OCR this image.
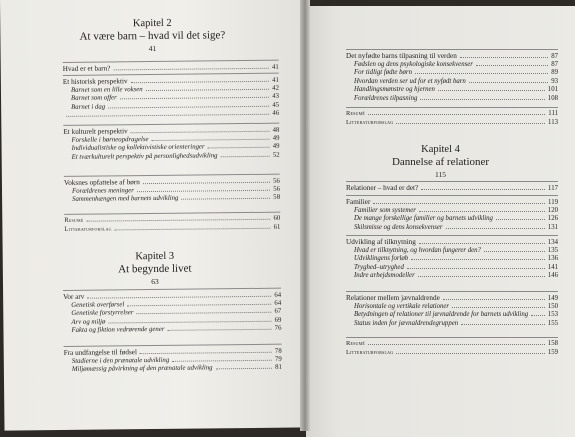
Kapitel 2
At være barn – hvad vil det sige?
41
Hvad er et barn?	41
Et historisk perspektiv	41
Barnet som en lille voksen	42
Barnet som offer	43
Barnet i dag	45
46
Et kulturelt perspektiv	48
Forskelle i børneopdragelse	49
Individualistiske og kollektivistiske orienteringer	49
Et tværkulturelt perspektiv på personlighedsudvikling	52
Voksnes opfattelse af børn	56
Forældrenes meninger	56
Sammenhængen med barnets udvikling	58
Resumé	60
Litteraturforslag	61
Kapitel 3
At begynde livet
63
Vor arv	64
Genetisk overførsel	64
Genetiske forstyrrelser	67
Arv og miljø	69
Fakta og fiktion vedrørende gener	76
Fra undfangelse til fødsel	78
Stadierne i den prænatale udvikling	79
Miljømæssig påvirkning af den prænatale udvikling	81
Det nyfødte barns tilpasning til verden	87
Fødslen og dens psykologiske konsekvenser	87
For tidligt fødte børn	89
Hvordan verden ser ud for et nyfødt barn	93
Handlingsmønstre og hjernen	101
Forældrenes tilpasning	108
Resumé	111
Litteraturforslag	113
Kapitel 4
Dannelse af relationer
115
Relationer – hvad er det?	117
Familier	119
Familier som systemer	120
De mange forskellige familier og barnets udvikling	126
Skilsmisse og dens konsekvenser	131
Udvikling af tilknytning	134
Hvad er tilknytning, og hvordan fungerer den?	135
Udviklingens forløb	136
Tryghed–utryghed	141
Indre arbejdsmodeller	146
Relationer mellem jævnaldrende	149
Horisontale og vertikale relationer	150
Betydningen af relationer til jævnaldrende for barnets udvikling	153
Status inden for jævnaldrendegruppen	155
Resumé	158
Litteraturforslag	159
